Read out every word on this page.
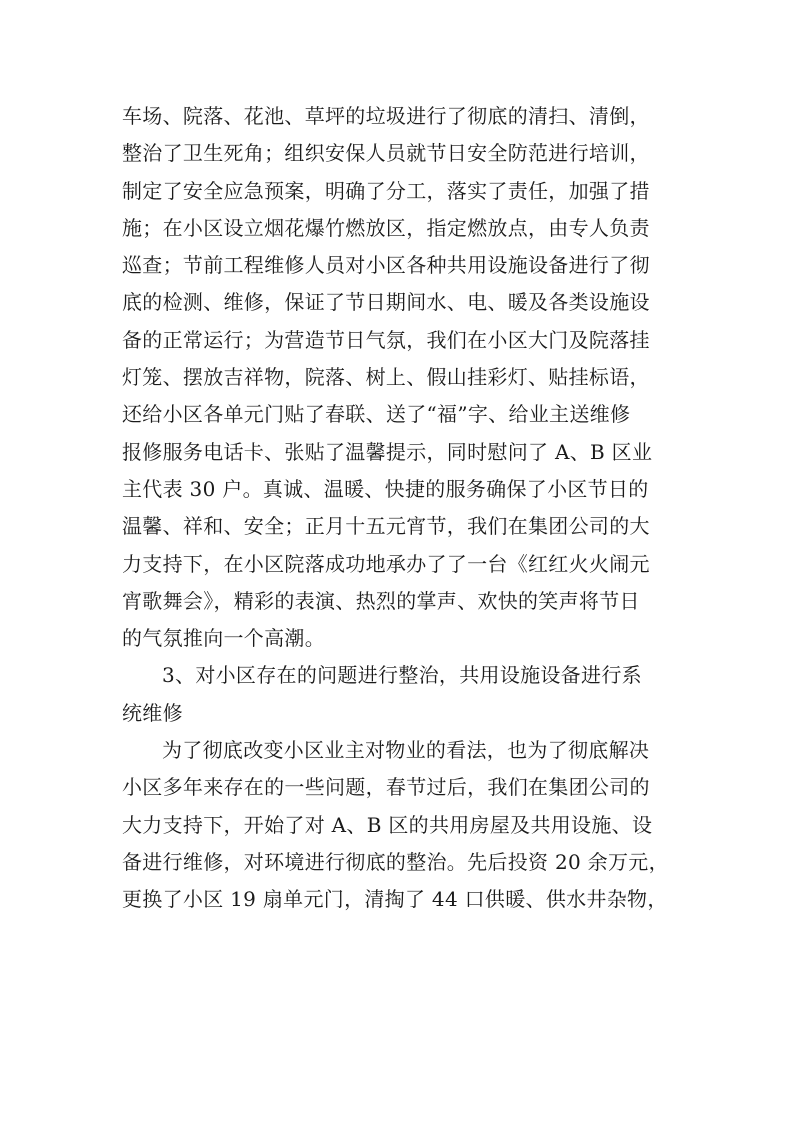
车场、院落、花池、草坪的垃圾进行了彻底的清扫、清倒，
整治了卫生死角；组织安保人员就节日安全防范进行培训，
制定了安全应急预案，明确了分工，落实了责任，加强了措
施；在小区设立烟花爆竹燃放区，指定燃放点，由专人负责
巡查；节前工程维修人员对小区各种共用设施设备进行了彻
底的检测、维修，保证了节日期间水、电、暖及各类设施设
备的正常运行；为营造节日气氛，我们在小区大门及院落挂
灯笼、摆放吉祥物，院落、树上、假山挂彩灯、贴挂标语，
还给小区各单元门贴了春联、送了“福”字、给业主送维修
报修服务电话卡、张贴了温馨提示，同时慰问了 A、B 区业
主代表 30 户。真诚、温暖、快捷的服务确保了小区节日的
温馨、祥和、安全；正月十五元宵节，我们在集团公司的大
力支持下，在小区院落成功地承办了了一台《红红火火闹元
宵歌舞会》，精彩的表演、热烈的掌声、欢快的笑声将节日
的气氛推向一个高潮。
3、对小区存在的问题进行整治，共用设施设备进行系
统维修
为了彻底改变小区业主对物业的看法，也为了彻底解决
小区多年来存在的一些问题，春节过后，我们在集团公司的
大力支持下，开始了对 A、B 区的共用房屋及共用设施、设
备进行维修，对环境进行彻底的整治。先后投资 20 余万元，
更换了小区 19 扇单元门，清掏了 44 口供暖、供水井杂物，
